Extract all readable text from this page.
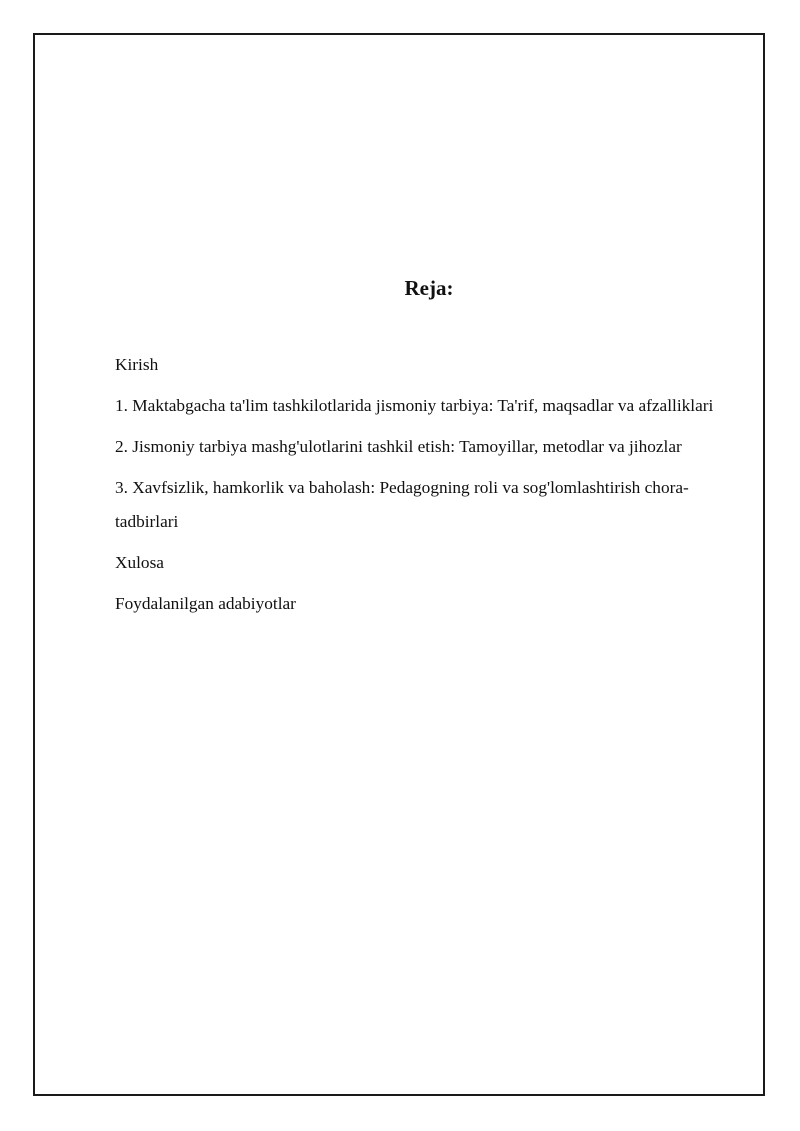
Reja:

Kirish

1. Maktabgacha ta'lim tashkilotlarida jismoniy tarbiya: Ta'rif, maqsadlar va afzalliklari

2. Jismoniy tarbiya mashg'ulotlarini tashkil etish: Tamoyillar, metodlar va jihozlar

3. Xavfsizlik, hamkorlik va baholash: Pedagogning roli va sog'lomlashtirish chora-tadbirlari

Xulosa

Foydalanilgan adabiyotlar
